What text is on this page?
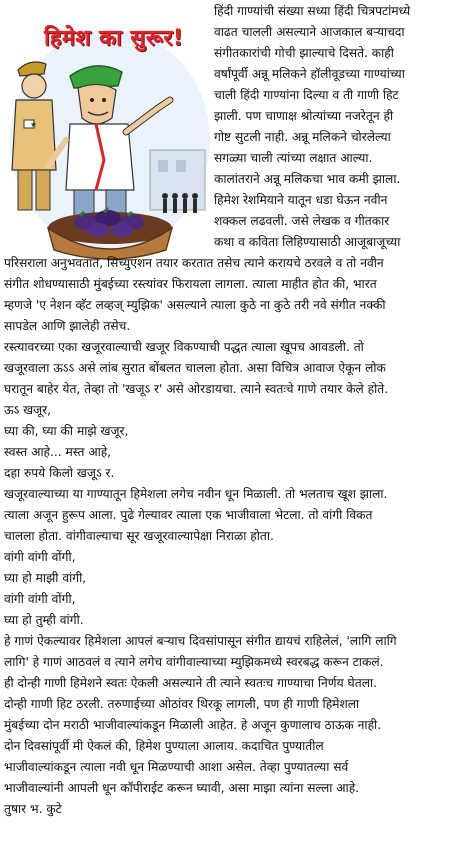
★
हिमेश का सुरूर!
हिंदी गाण्यांची संख्या सध्या हिंदी चित्रपटांमध्ये
वाढत चालली असल्याने आजकाल बऱ्याचदा
संगीतकारांची गोची झाल्याचे दिसते. काही
वर्षांपूर्वी अन्नू मलिकने हॉलीवूडच्या गाण्यांच्या
चाली हिंदी गाण्यांना दिल्या व ती गाणी हिट
झाली. पण चाणाक्ष श्रोत्यांच्या नजरेतून ही
गोष्ट सुटली नाही. अन्नू मलिकने चोरलेल्या
सगळ्या चाली त्यांच्या लक्षात आल्या.
कालांतराने अन्नू मलिकचा भाव कमी झाला.
हिमेश रेशमियाने यातून धडा घेऊन नवीन
शक्कल लढवली. जसे लेखक व गीतकार
कथा व कविता लिहिण्यासाठी आजूबाजूच्या
परिसराला अनुभवतात, सिच्युएशन तयार करतात तसेच त्याने करायचे ठरवले व तो नवीन
संगीत शोधण्यासाठी मुंबईच्या रस्त्यांवर फिरायला लागला. त्याला माहीत होत की, भारत
म्हणजे 'ए नेशन व्हॅट लव्हज् म्युझिक' असल्याने त्याला कुठे ना कुठे तरी नवे संगीत नक्की
सापडेल आणि झालेही तसेच.
रस्त्यावरच्या एका खजूरवाल्याची खजूर विकण्याची पद्धत त्याला खूपच आवडली. तो
खजूरवाला ऊऽऽ असे लांब सुरात बोंबलत चालला होता. असा विचित्र आवाज ऐकून लोक
घरातून बाहेर येत, तेव्हा तो 'खजूऽ र' असे ओरडायचा. त्याने स्वतःचे गाणे तयार केले होते.
ऊऽ खजूर,
घ्या की, घ्या की माझे खजूर,
स्वस्त आहे... मस्त आहे,
दहा रुपये किलो खजूऽ र.
खजूरवाल्याच्या या गाण्यातून हिमेशला लगेच नवीन धून मिळाली. तो भलताच खूश झाला.
त्याला अजून हुरूप आला. पुढे गेल्यावर त्याला एक भाजीवाला भेटला. तो वांगी विकत
चालला होता. वांगीवाल्याचा सूर खजूरवाल्यापेक्षा निराळा होता.
वांगी वांगी वोंगी,
घ्या हो माझी वांगी,
वांगी वांगी वोंगी,
घ्या हो तुम्ही वांगी.
हे गाणं ऐकल्यावर हिमेशला आपलं बऱ्याच दिवसांपासून संगीत द्यायचं राहिलेलं, 'लागि लागि
लागि' हे गाणं आठवलं व त्याने लगेच वांगीवाल्याच्या म्युझिकमध्ये स्वरबद्ध करून टाकलं.
ही दोन्ही गाणी हिमेशने स्वतः ऐकली असल्याने ती त्याने स्वतःच गाण्याचा निर्णय घेतला.
दोन्ही गाणी हिट ठरली. तरुणाईच्या ओठांवर थिरकू लागली, पण ही गाणी हिमेशला
मुंबईच्या दोन मराठी भाजीवाल्यांकडून मिळाली आहेत. हे अजून कुणालाच ठाऊक नाही.
दोन दिवसांपूर्वी मी ऐकलं की, हिमेश पुण्याला आलाय. कदाचित पुण्यातील
भाजीवाल्यांकडून त्याला नवी धून मिळण्याची आशा असेल. तेव्हा पुण्यातल्या सर्व
भाजीवाल्यांनी आपली धून कॉपीराईट करून घ्यावी, असा माझा त्यांना सल्ला आहे.
तुषार भ. कुटे
